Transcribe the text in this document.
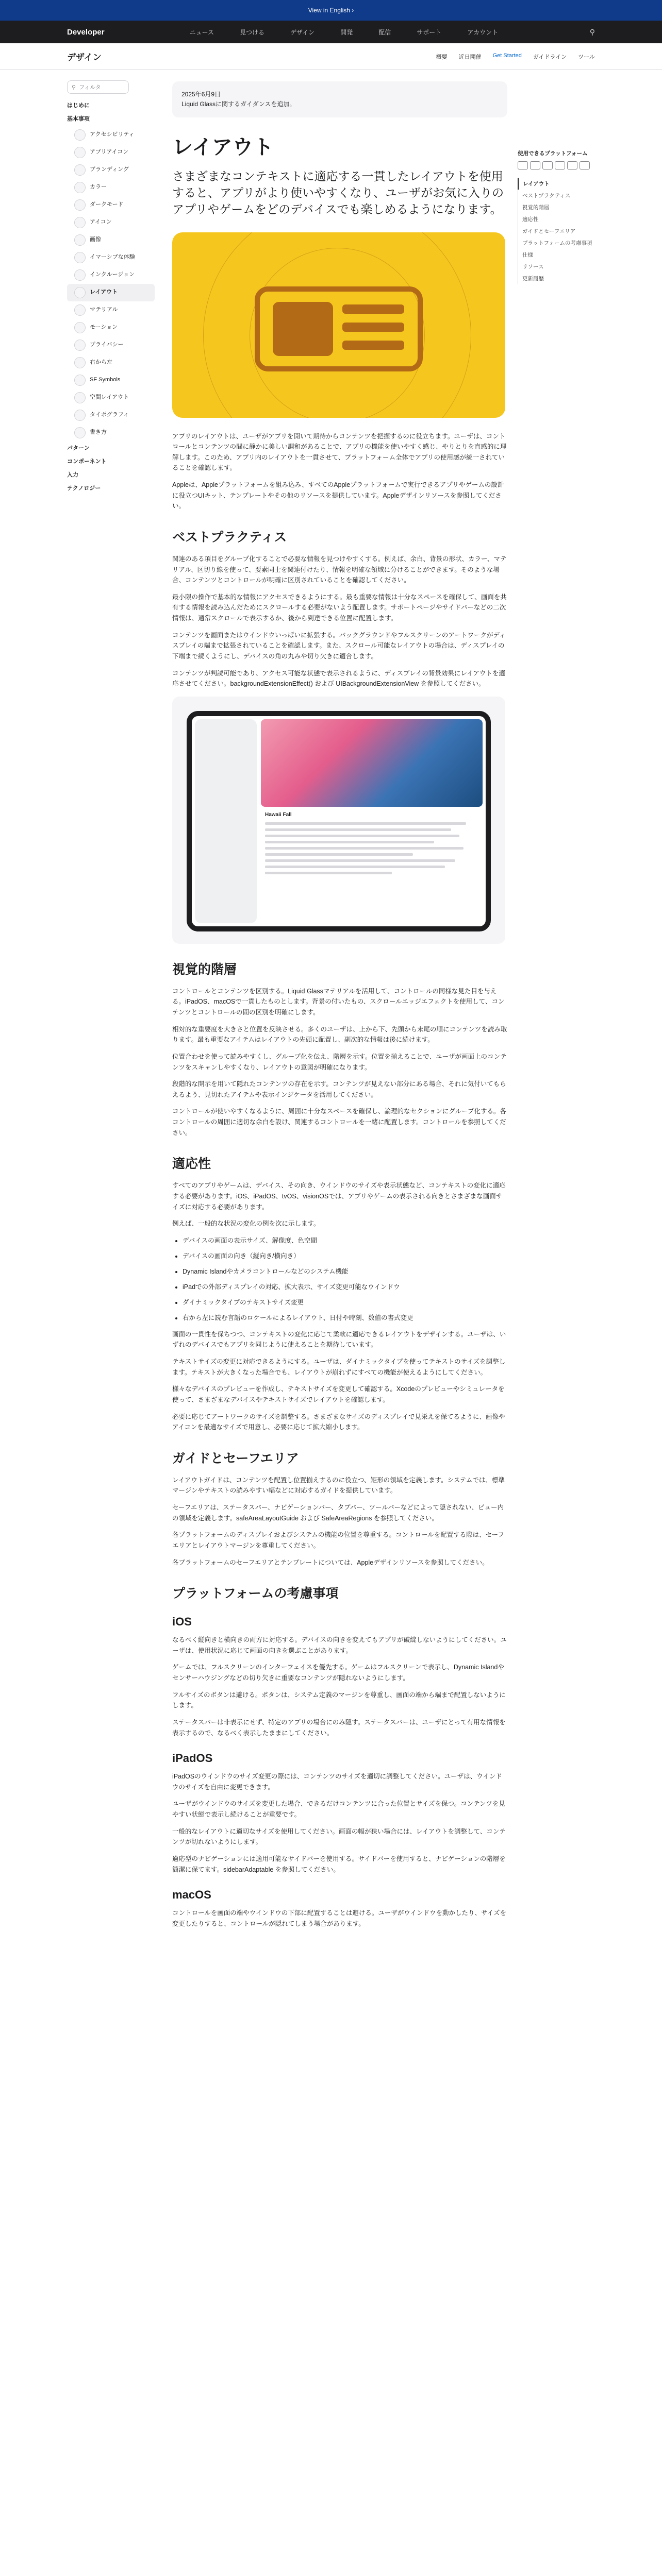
View in English ›
Developer	ニュース	見つける	デザイン	開発	配信	サポート	アカウント	⚲
デザイン	概要 近日開催 Get Started ガイドライン ツール
⚲ フィルタ
はじめに
基本事項
アクセシビリティ
アプリアイコン
ブランディング
カラー
ダークモード
アイコン
画像
イマーシブな体験
インクルージョン
レイアウト
マテリアル
モーション
プライバシー
右から左
SF Symbols
空間レイアウト
タイポグラフィ
書き方
パターン
コンポーネント
入力
テクノロジー
2025年6月9日
Liquid Glassに関するガイダンスを追加。
レイアウト
さまざまなコンテキストに適応する一貫したレイアウトを使用すると、アプリがより使いやすくなり、ユーザがお気に入りのアプリやゲームをどのデバイスでも楽しめるようになります。

アプリのレイアウトは、ユーザがアプリを開いて期待からコンテンツを把握するのに役立ちます。ユーザは、コントロールとコンテンツの間に静かに美しい調和があることで、アプリの機能を使いやすく感じ、やりとりを直感的に理解します。このため、アプリ内のレイアウトを一貫させて、プラットフォーム全体でアプリの使用感が統一されていることを確認します。

Appleは、Appleプラットフォームを組み込み、すべてのAppleプラットフォームで実行できるアプリやゲームの設計に役立つUIキット、テンプレートやその他のリソースを提供しています。Appleデザインリソースを参照してください。

ベストプラクティス

関連のある項目をグループ化することで必要な情報を見つけやすくする。例えば、余白、背景の形状、カラー、マテリアル、区切り線を使って、要素同士を関連付けたり、情報を明確な領域に分けることができます。そのような場合、コンテンツとコントロールが明確に区別されていることを確認してください。

最小限の操作で基本的な情報にアクセスできるようにする。最も重要な情報は十分なスペースを確保して、画面を共有する情報を読み込んだためにスクロールする必要がないよう配置します。サポートページやサイドバーなどの二次情報は、通常スクロールで表示するか、後から到達できる位置に配置します。

コンテンツを画面またはウインドウいっぱいに拡張する。バックグラウンドやフルスクリーンのアートワークがディスプレイの端まで拡張されていることを確認します。また、スクロール可能なレイアウトの場合は、ディスプレイの下端まで続くようにし、デバイスの角の丸みや切り欠きに適合します。

コンテンツが判読可能であり、アクセス可能な状態で表示されるように、ディスプレイの背景効果にレイアウトを適応させてください。backgroundExtensionEffect() および UIBackgroundExtensionView を参照してください。

Hawaii Fall
視覚的階層

コントロールとコンテンツを区別する。Liquid Glassマテリアルを活用して、コントロールの同様な見た目を与える。iPadOS、macOSで一貫したものとします。背景の付いたもの、スクロールエッジエフェクトを使用して、コンテンツとコントロールの間の区別を明確にします。

相対的な重要度を大きさと位置を反映させる。多くのユーザは、上から下、先頭から末尾の順にコンテンツを読み取ります。最も重要なアイテムはレイアウトの先頭に配置し、副次的な情報は後に続けます。

位置合わせを使って読みやすくし、グループ化を伝え、階層を示す。位置を揃えることで、ユーザが画面上のコンテンツをスキャンしやすくなり、レイアウトの意図が明確になります。

段階的な開示を用いて隠れたコンテンツの存在を示す。コンテンツが見えない部分にある場合、それに気付いてもらえるよう、見切れたアイテムや表示インジケータを活用してください。

コントロールが使いやすくなるように、周囲に十分なスペースを確保し、論理的なセクションにグループ化する。各コントロールの周囲に適切な余白を設け、関連するコントロールを一緒に配置します。コントロールを参照してください。

適応性

すべてのアプリやゲームは、デバイス、その向き、ウインドウのサイズや表示状態など、コンテキストの変化に適応する必要があります。iOS、iPadOS、tvOS、visionOSでは、アプリやゲームの表示される向きとさまざまな画面サイズに対応する必要があります。

例えば、一般的な状況の変化の例を次に示します。

• デバイスの画面の表示サイズ、解像度、色空間
• デバイスの画面の向き（縦向き/横向き）
• Dynamic Islandやカメラコントロールなどのシステム機能
• iPadでの外部ディスプレイの対応、拡大表示、サイズ変更可能なウインドウ
• ダイナミックタイプのテキストサイズ変更
• 右から左に読む言語のロケールによるレイアウト、日付や時刻、数値の書式変更

画面の一貫性を保ちつつ、コンテキストの変化に応じて柔軟に適応できるレイアウトをデザインする。ユーザは、いずれのデバイスでもアプリを同じように使えることを期待しています。

テキストサイズの変更に対応できるようにする。ユーザは、ダイナミックタイプを使ってテキストのサイズを調整します。テキストが大きくなった場合でも、レイアウトが崩れずにすべての機能が使えるようにしてください。

様々なデバイスのプレビューを作成し、テキストサイズを変更して確認する。Xcodeのプレビューやシミュレータを使って、さまざまなデバイスやテキストサイズでレイアウトを確認します。

必要に応じてアートワークのサイズを調整する。さまざまなサイズのディスプレイで見栄えを保てるように、画像やアイコンを最適なサイズで用意し、必要に応じて拡大縮小します。

ガイドとセーフエリア

レイアウトガイドは、コンテンツを配置し位置揃えするのに役立つ、矩形の領域を定義します。システムでは、標準マージンやテキストの読みやすい幅などに対応するガイドを提供しています。

セーフエリアは、ステータスバー、ナビゲーションバー、タブバー、ツールバーなどによって隠されない、ビュー内の領域を定義します。safeAreaLayoutGuide および SafeAreaRegions を参照してください。

各プラットフォームのディスプレイおよびシステムの機能の位置を尊重する。コントロールを配置する際は、セーフエリアとレイアウトマージンを尊重してください。

各プラットフォームのセーフエリアとテンプレートについては、Appleデザインリソースを参照してください。

プラットフォームの考慮事項
iOS

なるべく縦向きと横向きの両方に対応する。デバイスの向きを変えてもアプリが破綻しないようにしてください。ユーザは、使用状況に応じて画面の向きを選ぶことがあります。

ゲームでは、フルスクリーンのインターフェイスを優先する。ゲームはフルスクリーンで表示し、Dynamic Islandやセンサーハウジングなどの切り欠きに重要なコンテンツが隠れないようにします。

フルサイズのボタンは避ける。ボタンは、システム定義のマージンを尊重し、画面の端から端まで配置しないようにします。

ステータスバーは非表示にせず、特定のアプリの場合にのみ隠す。ステータスバーは、ユーザにとって有用な情報を表示するので、なるべく表示したままにしてください。

iPadOS

iPadOSのウインドウのサイズ変更の際には、コンテンツのサイズを適切に調整してください。ユーザは、ウインドウのサイズを自由に変更できます。

ユーザがウインドウのサイズを変更した場合、できるだけコンテンツに合った位置とサイズを保つ。コンテンツを見やすい状態で表示し続けることが重要です。

一般的なレイアウトに適切なサイズを使用してください。画面の幅が狭い場合には、レイアウトを調整して、コンテンツが切れないようにします。

適応型のナビゲーションには適用可能なサイドバーを使用する。サイドバーを使用すると、ナビゲーションの階層を簡潔に保てます。sidebarAdaptable を参照してください。

macOS

コントロールを画面の端やウインドウの下部に配置することは避ける。ユーザがウインドウを動かしたり、サイズを変更したりすると、コントロールが隠れてしまう場合があります。

使用できるプラットフォーム
レイアウト
ベストプラクティス
視覚的階層
適応性
ガイドとセーフエリア
プラットフォームの考慮事項
仕様
リソース
更新履歴
